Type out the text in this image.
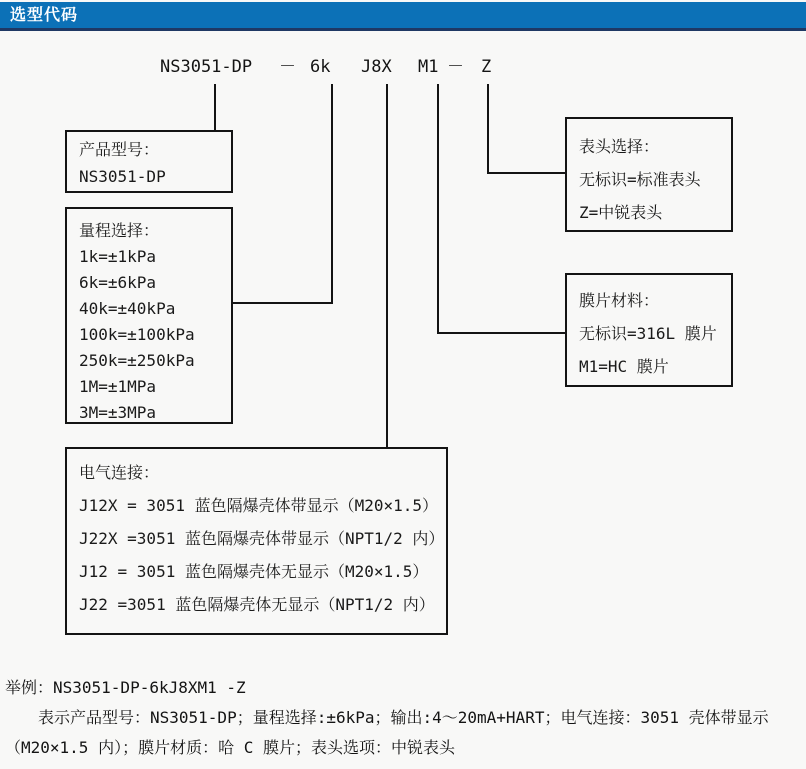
选型代码
NS3051-DP － 6k J8X M1 － Z
产品型号：
NS3051-DP
量程选择：
1k=±1kPa
6k=±6kPa
40k=±40kPa
100k=±100kPa
250k=±250kPa
1M=±1MPa
3M=±3MPa
电气连接：
J12X = 3051 蓝色隔爆壳体带显示（M20×1.5）
J22X =3051 蓝色隔爆壳体带显示（NPT1/2 内）
J12 = 3051 蓝色隔爆壳体无显示（M20×1.5）
J22 =3051 蓝色隔爆壳体无显示（NPT1/2 内）
表头选择：
无标识=标准表头
Z=中锐表头
膜片材料：
无标识=316L 膜片
M1=HC 膜片
举例：NS3051-DP-6kJ8XM1 -Z
表示产品型号：NS3051-DP；量程选择:±6kPa；输出:4～20mA+HART；电气连接：3051 壳体带显示
（M20×1.5 内）；膜片材质：哈 C 膜片；表头选项：中锐表头
